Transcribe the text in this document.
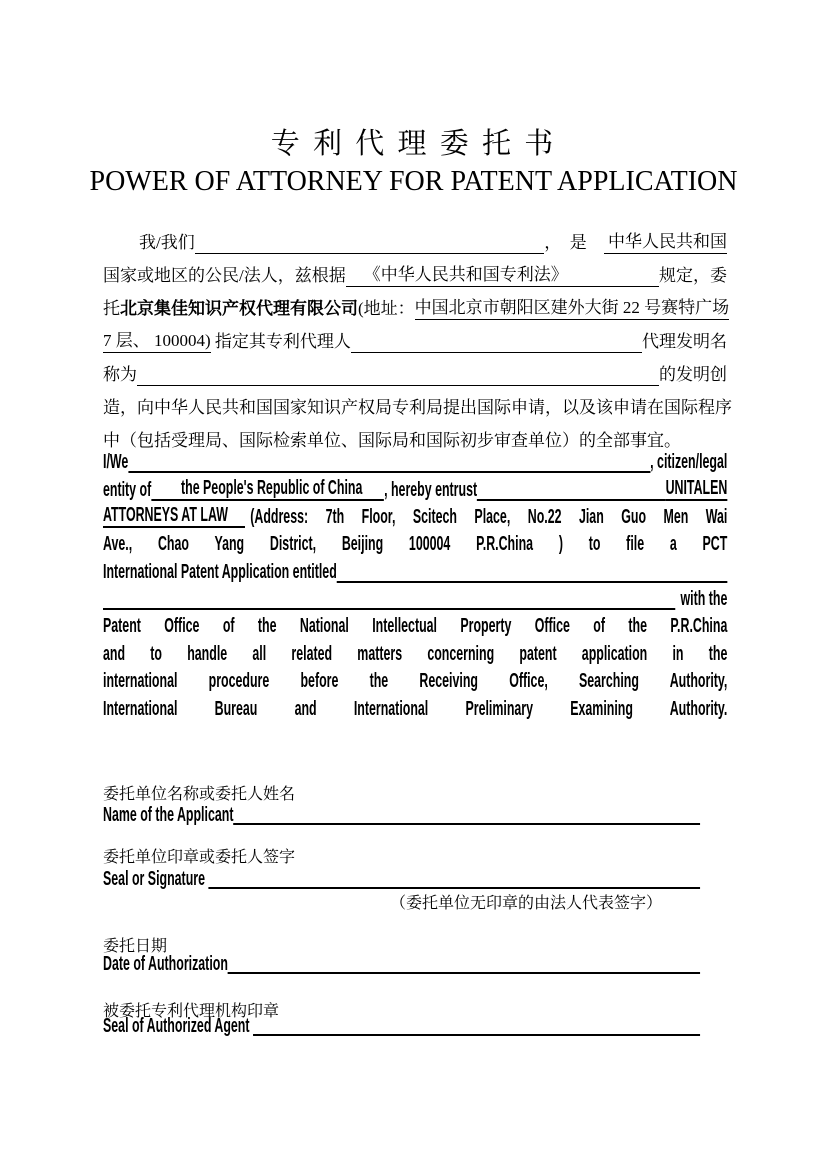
专 利 代 理 委 托 书
POWER OF ATTORNEY FOR PATENT APPLICATION
我/我们	，　是　 中华人民共和国
国家或地区的公民/法人，兹根据 《中华人民共和国专利法》	规定，委
托 北京集佳知识产权代理有限公司 (地址： 中国北京市朝阳区建外大街 22 号赛特广场
7 层、 100004) 指定其专利代理人	代理发明名
称为	的发明创
造，向中华人民共和国国家知识产权局专利局提出国际申请，以及该申请在国际程序
中（包括受理局、国际检索单位、国际局和国际初步审查单位）的全部事宜。
I/We	, citizen/legal
entity of	the People's Republic of China	, hereby entrust	UNITALEN
ATTORNEYS AT LAW	(Address: 7th Floor, Scitech Place, No.22 Jian Guo Men Wai
Ave., Chao Yang District, Beijing 100004 P.R.China ) to file a PCT
International Patent Application entitled
with the
Patent Office of the National Intellectual Property Office of the P.R.China
and to handle all related matters concerning patent application in the
international procedure before the Receiving Office, Searching Authority,
International Bureau and International Preliminary Examining Authority.
委托单位名称或委托人姓名
Name of the Applicant
委托单位印章或委托人签字
Seal or Signature
（委托单位无印章的由法人代表签字）
委托日期
Date of Authorization
被委托专利代理机构印章
Seal of Authorized Agent
